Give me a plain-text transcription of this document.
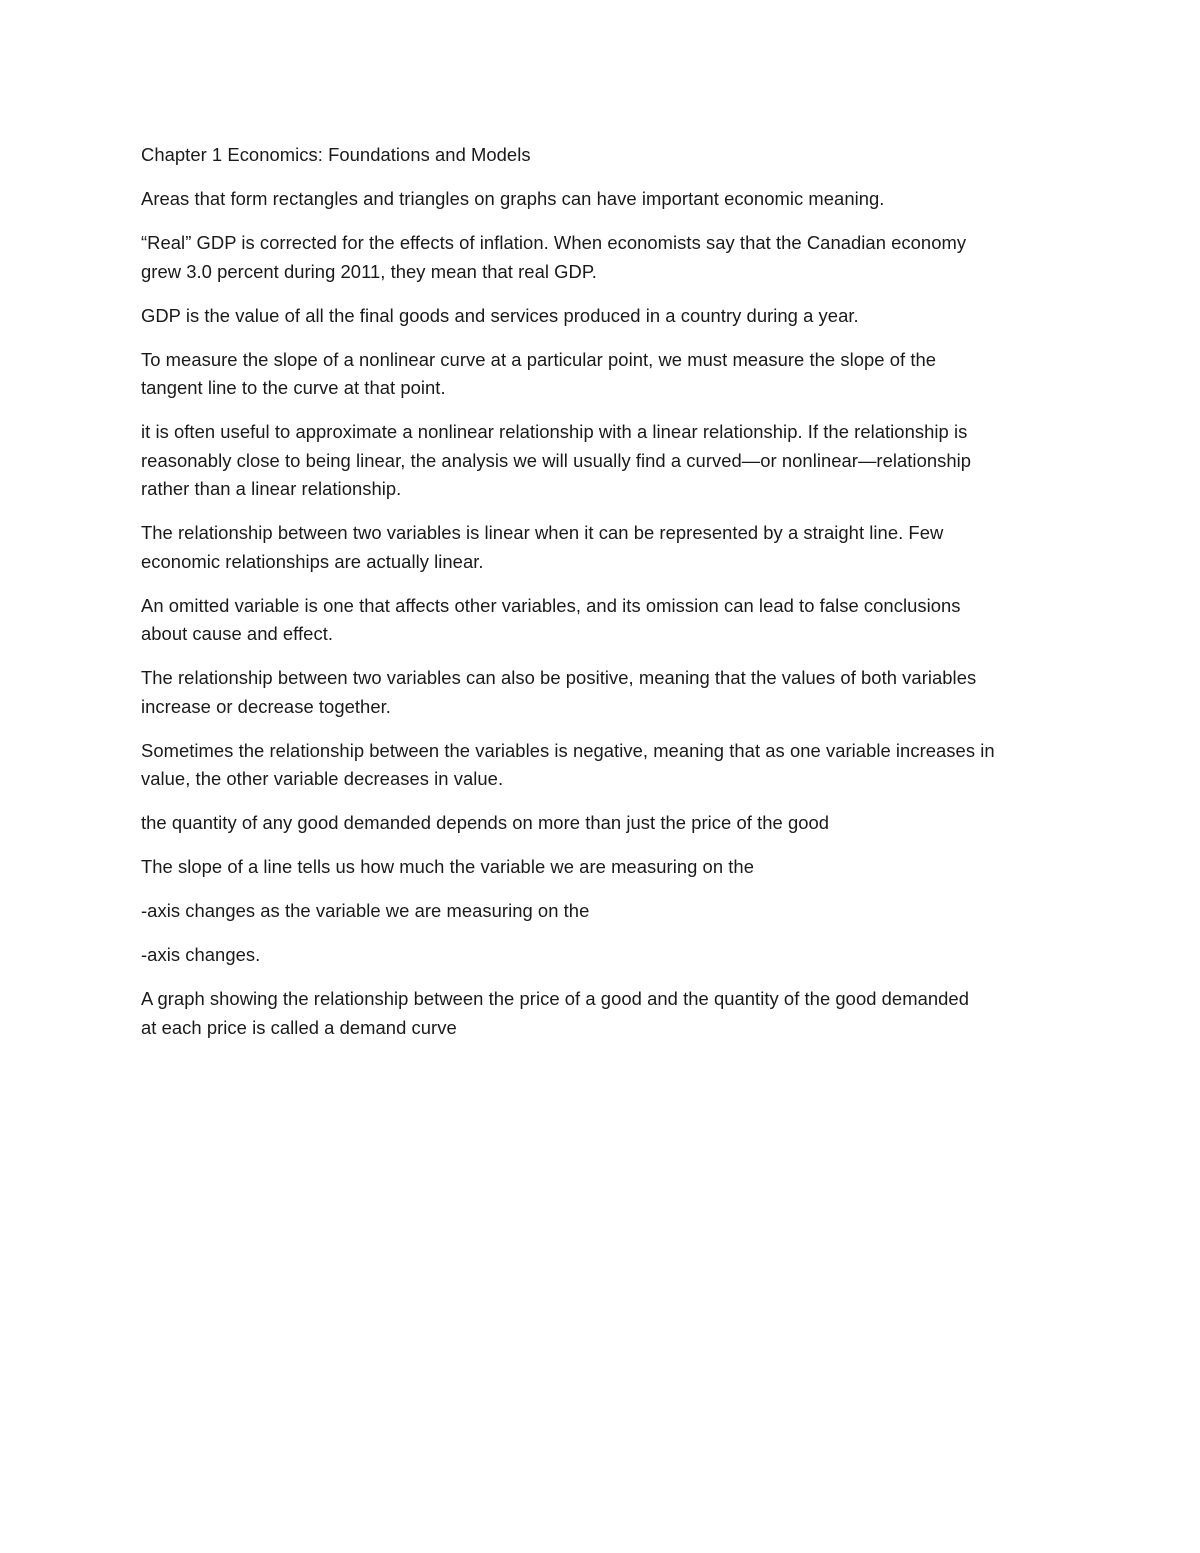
Chapter 1 Economics: Foundations and Models

Areas that form rectangles and triangles on graphs can have important economic meaning.

“Real” GDP is corrected for the effects of inflation. When economists say that the Canadian economy
grew 3.0 percent during 2011, they mean that real GDP.

GDP is the value of all the final goods and services produced in a country during a year.

To measure the slope of a nonlinear curve at a particular point, we must measure the slope of the
tangent line to the curve at that point.

it is often useful to approximate a nonlinear relationship with a linear relationship. If the relationship is
reasonably close to being linear, the analysis we will usually find a curved—or nonlinear—relationship
rather than a linear relationship.

The relationship between two variables is linear when it can be represented by a straight line. Few
economic relationships are actually linear.

An omitted variable is one that affects other variables, and its omission can lead to false conclusions
about cause and effect.

The relationship between two variables can also be positive, meaning that the values of both variables
increase or decrease together.

Sometimes the relationship between the variables is negative, meaning that as one variable increases in
value, the other variable decreases in value.

the quantity of any good demanded depends on more than just the price of the good

The slope of a line tells us how much the variable we are measuring on the

-axis changes as the variable we are measuring on the

-axis changes.

A graph showing the relationship between the price of a good and the quantity of the good demanded
at each price is called a demand curve
